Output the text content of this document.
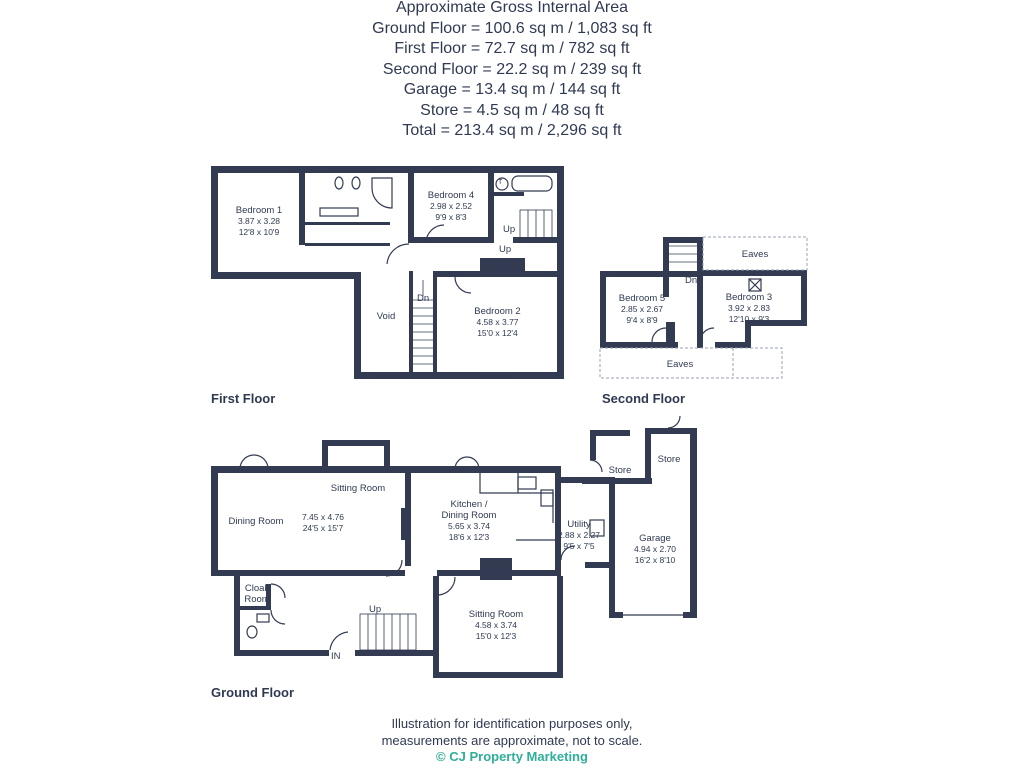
Approximate Gross Internal Area
Ground Floor = 100.6 sq m / 1,083 sq ft
First Floor = 72.7 sq m / 782 sq ft
Second Floor = 22.2 sq m / 239 sq ft
Garage = 13.4 sq m / 144 sq ft
Store = 4.5 sq m / 48 sq ft
Total = 213.4 sq m / 2,296 sq ft
First Floor	Second Floor
Ground Floor
Bedroom 1
3.87 x 3.28
12'8 x 10'9
Bedroom 4
2.98 x 2.52
9'9 x 8'3
Bedroom 2
4.58 x 3.77
15'0 x 12'4
Void
Dn
Up
Up
T
Bedroom 5
2.85 x 2.67
9'4 x 8'9
Bedroom 3
3.92 x 2.83
12'10 x 9'3
Eaves
Eaves
Dn
Dining Room
Sitting Room
7.45 x 4.76
24'5 x 15'7
Kitchen /
Dining Room
5.65 x 3.74
18'6 x 12'3
Utility
2.88 x 2.27
9'5 x 7'5
Garage
4.94 x 2.70
16'2 x 8'10
Store
Store
Cloak
Room
Sitting Room
4.58 x 3.74
15'0 x 12'3
Up
IN
Illustration for identification purposes only,
measurements are approximate, not to scale.
© CJ Property Marketing
